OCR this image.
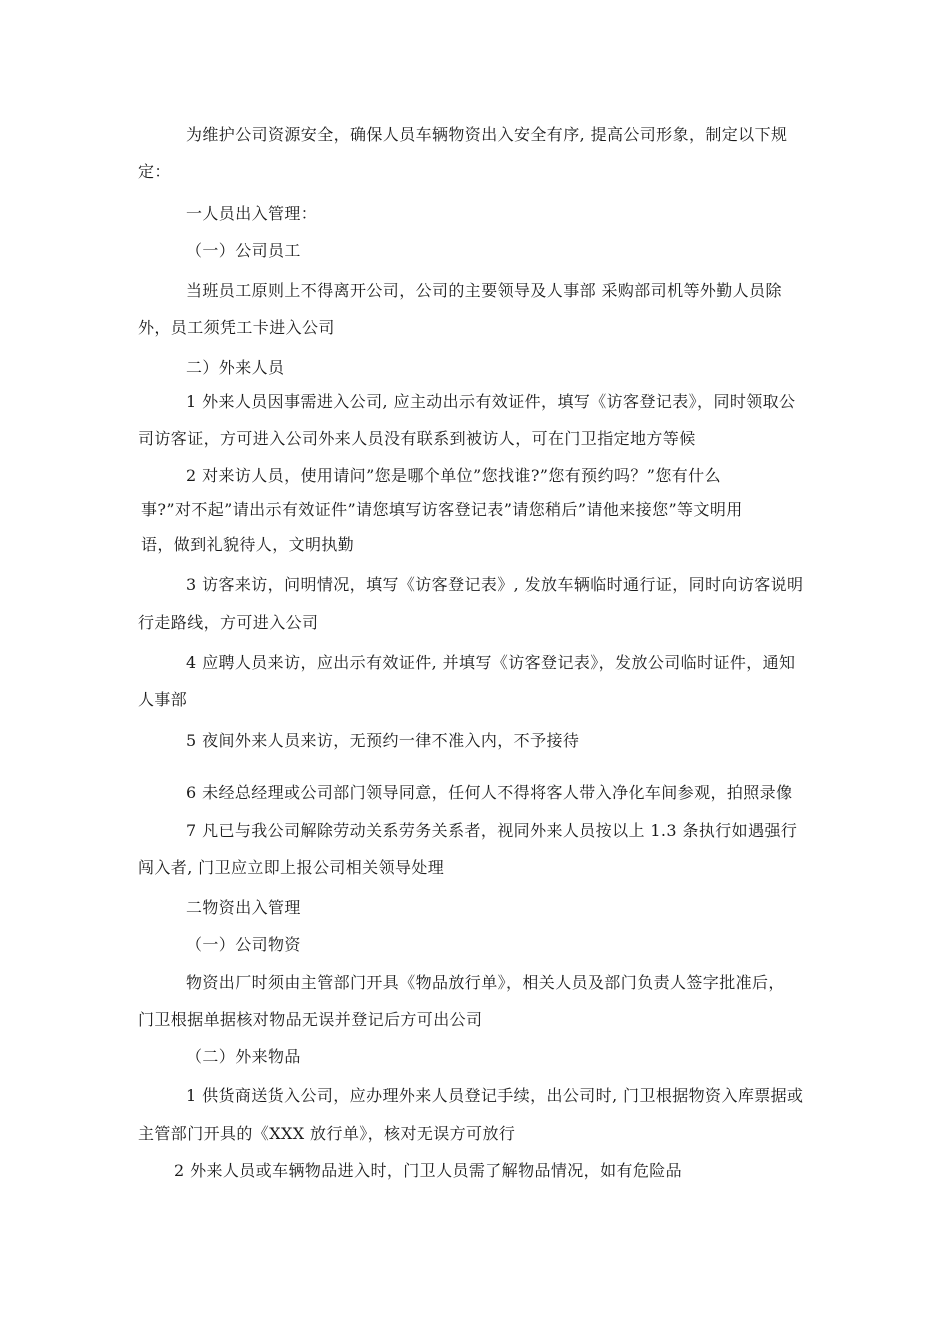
为维护公司资源安全，确保人员车辆物资出入安全有序, 提高公司形象，制定以下规
定：
一人员出入管理：
（一）公司员工
当班员工原则上不得离开公司，公司的主要领导及人事部 采购部司机等外勤人员除
外，员工须凭工卡进入公司
二）外来人员
1 外来人员因事需进入公司, 应主动出示有效证件，填写《访客登记表》，同时领取公
司访客证，方可进入公司外来人员没有联系到被访人，可在门卫指定地方等候
2 对来访人员，使用请问”您是哪个单位”您找谁?”您有预约吗？”您有什么
事?”对不起”请出示有效证件”请您填写访客登记表”请您稍后”请他来接您”等文明用
语，做到礼貌待人，文明执勤
3 访客来访，问明情况，填写《访客登记表》, 发放车辆临时通行证，同时向访客说明
行走路线，方可进入公司
4 应聘人员来访，应出示有效证件, 并填写《访客登记表》，发放公司临时证件，通知
人事部
5 夜间外来人员来访，无预约一律不准入内，不予接待
6 未经总经理或公司部门领导同意，任何人不得将客人带入净化车间参观，拍照录像
7 凡已与我公司解除劳动关系劳务关系者，视同外来人员按以上 1.3 条执行如遇强行
闯入者, 门卫应立即上报公司相关领导处理
二物资出入管理
（一）公司物资
物资出厂时须由主管部门开具《物品放行单》，相关人员及部门负责人签字批准后，
门卫根据单据核对物品无误并登记后方可出公司
（二）外来物品
1 供货商送货入公司，应办理外来人员登记手续，出公司时, 门卫根据物资入库票据或
主管部门开具的《XXX 放行单》，核对无误方可放行
2 外来人员或车辆物品进入时，门卫人员需了解物品情况，如有危险品
